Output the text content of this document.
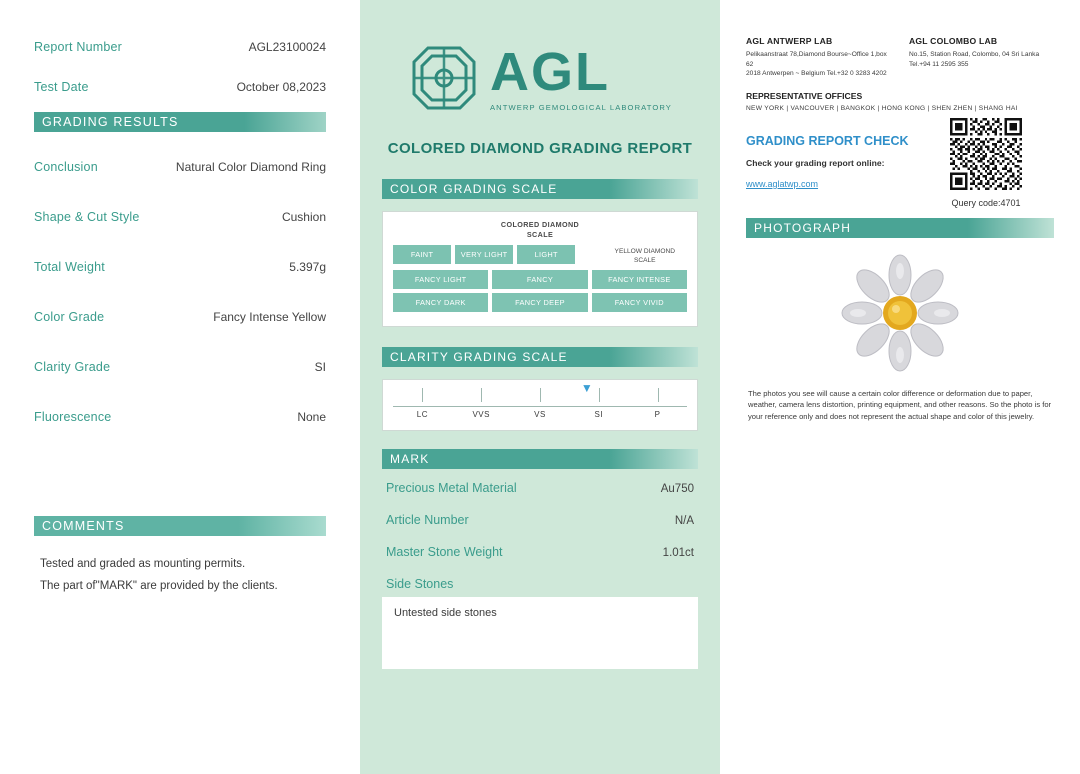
Report Number	AGL23100024
Test Date	October 08,2023
GRADING RESULTS
Conclusion	Natural Color Diamond Ring
Shape & Cut Style	Cushion
Total Weight	5.397g
Color Grade	Fancy Intense Yellow
Clarity Grade	SI
Fluorescence	None
COMMENTS
Tested and graded as mounting permits.
The part of"MARK" are provided by the clients.
AGL
ANTWERP GEMOLOGICAL LABORATORY
COLORED DIAMOND GRADING REPORT
COLOR GRADING SCALE
COLORED DIAMOND
SCALE
YELLOW DIAMOND
SCALE
FAINT	VERY LIGHT	LIGHT
FANCY LIGHT	FANCY	FANCY INTENSE
FANCY DARK	FANCY DEEP	FANCY VIVID
CLARITY GRADING SCALE
▼
LC	VVS	VS	SI	P
MARK
Precious Metal Material	Au750
Article Number	N/A
Master Stone Weight	1.01ct
Side Stones
Untested side stones
AGL ANTWERP LAB
Pelikaanstraat 78,Diamond Bourse~Office 1,box 62
2018 Antwerpen ~ Belgium Tel.+32 0 3283 4202
AGL COLOMBO LAB
No.15, Station Road, Colombo, 04 Sri Lanka
Tel.+94 11 2595 355
REPRESENTATIVE OFFICES
NEW YORK | VANCOUVER | BANGKOK | HONG KONG | SHEN ZHEN | SHANG HAI
GRADING REPORT CHECK
Check your grading report online:
www.aglatwp.com
Query code:4701
PHOTOGRAPH
The photos you see will cause a certain color difference or deformation due to paper, weather, camera lens distortion, printing equipment, and other reasons. So the photo is for your reference only and does not represent the actual shape and color of this jewelry.
